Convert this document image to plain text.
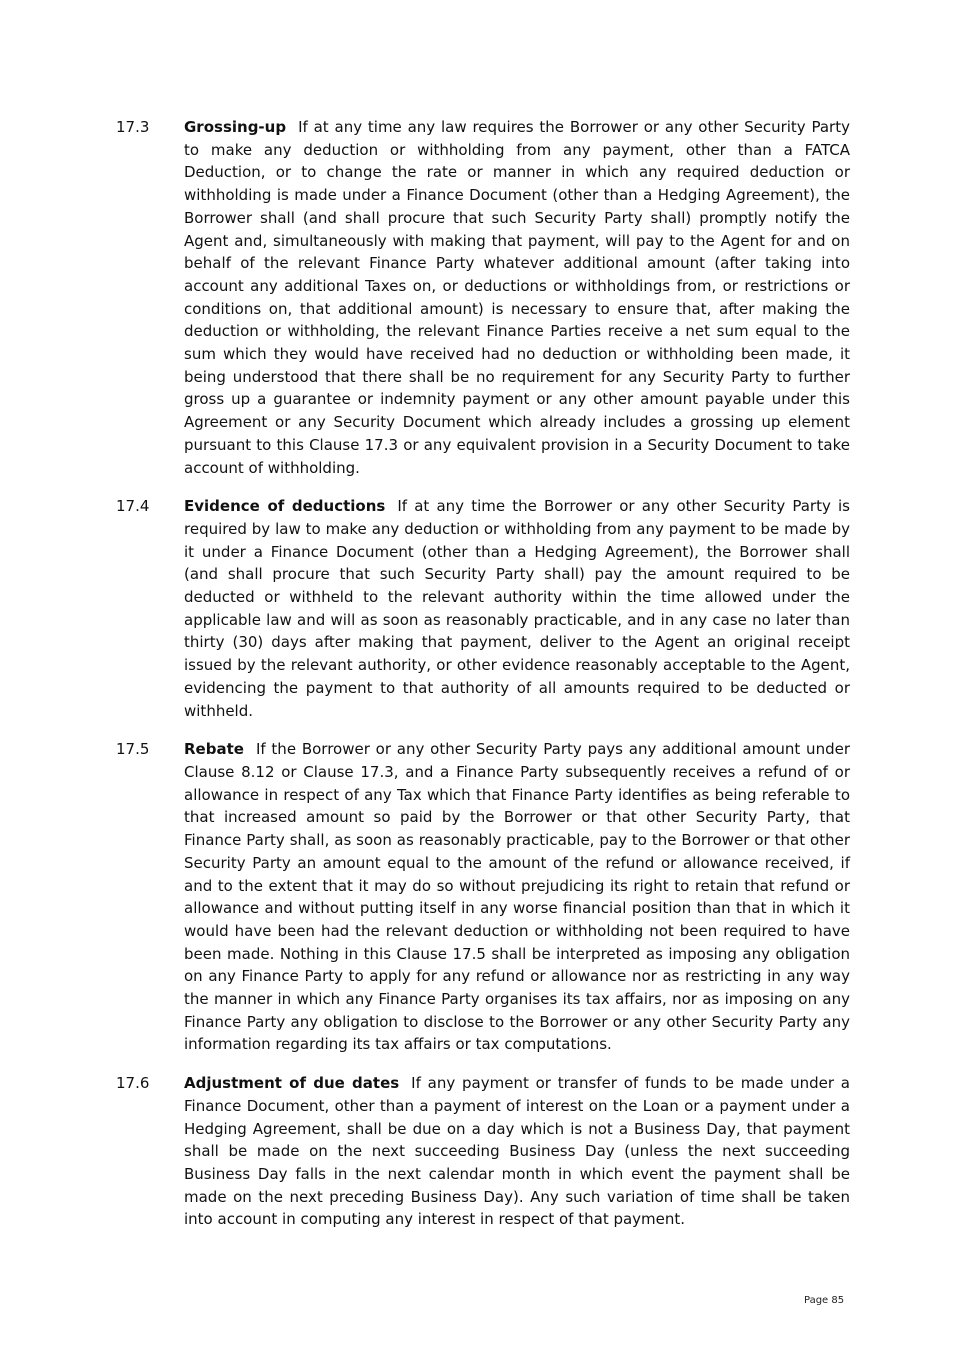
17.3	Grossing-up If at any time any law requires the Borrower or any other Security Party to make any deduction or withholding from any payment, other than a FATCA Deduction, or to change the rate or manner in which any required deduction or withholding is made under a Finance Document (other than a Hedging Agreement), the Borrower shall (and shall procure that such Security Party shall) promptly notify the Agent and, simultaneously with making that payment, will pay to the Agent for and on behalf of the relevant Finance Party whatever additional amount (after taking into account any additional Taxes on, or deductions or withholdings from, or restrictions or conditions on, that additional amount) is necessary to ensure that, after making the deduction or withholding, the relevant Finance Parties receive a net sum equal to the sum which they would have received had no deduction or withholding been made, it being understood that there shall be no requirement for any Security Party to further gross up a guarantee or indemnity payment or any other amount payable under this Agreement or any Security Document which already includes a grossing up element pursuant to this Clause 17.3 or any equivalent provision in a Security Document to take account of withholding.
17.4	Evidence of deductions If at any time the Borrower or any other Security Party is required by law to make any deduction or withholding from any payment to be made by it under a Finance Document (other than a Hedging Agreement), the Borrower shall (and shall procure that such Security Party shall) pay the amount required to be deducted or withheld to the relevant authority within the time allowed under the applicable law and will as soon as reasonably practicable, and in any case no later than thirty (30) days after making that payment, deliver to the Agent an original receipt issued by the relevant authority, or other evidence reasonably acceptable to the Agent, evidencing the payment to that authority of all amounts required to be deducted or withheld.
17.5	Rebate If the Borrower or any other Security Party pays any additional amount under Clause 8.12 or Clause 17.3, and a Finance Party subsequently receives a refund of or allowance in respect of any Tax which that Finance Party identifies as being referable to that increased amount so paid by the Borrower or that other Security Party, that Finance Party shall, as soon as reasonably practicable, pay to the Borrower or that other Security Party an amount equal to the amount of the refund or allowance received, if and to the extent that it may do so without prejudicing its right to retain that refund or allowance and without putting itself in any worse financial position than that in which it would have been had the relevant deduction or withholding not been required to have been made. Nothing in this Clause 17.5 shall be interpreted as imposing any obligation on any Finance Party to apply for any refund or allowance nor as restricting in any way the manner in which any Finance Party organises its tax affairs, nor as imposing on any Finance Party any obligation to disclose to the Borrower or any other Security Party any information regarding its tax affairs or tax computations.
17.6	Adjustment of due dates If any payment or transfer of funds to be made under a Finance Document, other than a payment of interest on the Loan or a payment under a Hedging Agreement, shall be due on a day which is not a Business Day, that payment shall be made on the next succeeding Business Day (unless the next succeeding Business Day falls in the next calendar month in which event the payment shall be made on the next preceding Business Day). Any such variation of time shall be taken into account in computing any interest in respect of that payment.
Page 85
